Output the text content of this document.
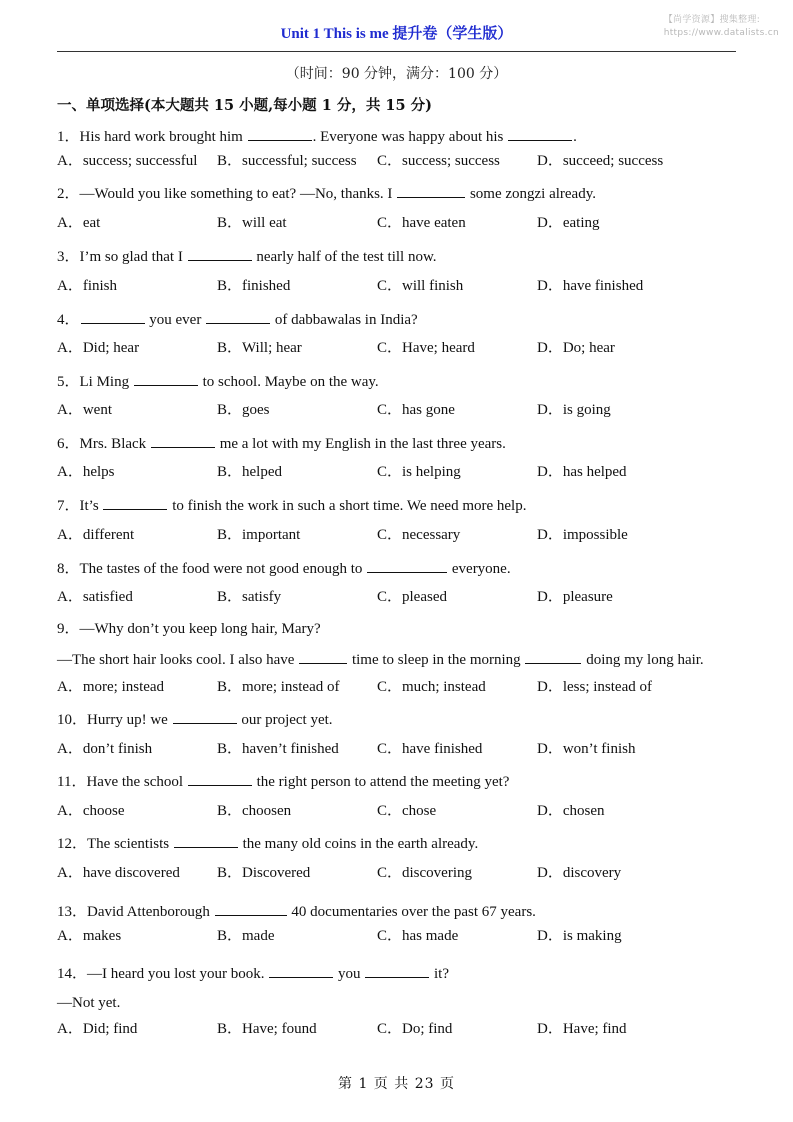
【尚学资源】搜集整理:
https://www.datalists.cn
Unit 1 This is me 提升卷（学生版）
（时间：90 分钟，满分：100 分）
一、单项选择(本大题共 15 小题,每小题 1 分，共 15 分)
1．His hard work brought him	. Everyone was happy about his	.
A．success; successful B．successful; success C．success; success D．succeed; success
2．—Would you like something to eat? —No, thanks. I	some zongzi already.
A．eat	B．will eat	C．have eaten	D．eating
3．I’m so glad that I	nearly half of the test till now.
A．finish	B．finished	C．will finish	D．have finished
4．	you ever	of dabbawalas in India?
A．Did; hear	B．Will; hear	C．Have; heard	D．Do; hear
5．Li Ming	to school. Maybe on the way.
A．went	B．goes	C．has gone	D．is going
6．Mrs. Black	me a lot with my English in the last three years.
A．helps	B．helped	C．is helping	D．has helped
7．It’s	to finish the work in such a short time. We need more help.
A．different	B．important	C．necessary	D．impossible
8．The tastes of the food were not good enough to	everyone.
A．satisfied	B．satisfy	C．pleased	D．pleasure
9．—Why don’t you keep long hair, Mary?
—The short hair looks cool. I also have	time to sleep in the morning	doing my long hair.
A．more; instead	B．more; instead of	C．much; instead	D．less; instead of
10．Hurry up! we	our project yet.
A．don’t finish	B．haven’t finished	C．have finished	D．won’t finish
11．Have the school	the right person to attend the meeting yet?
A．choose	B．choosen	C．chose	D．chosen
12．The scientists	the many old coins in the earth already.
A．have discovered B．Discovered	C．discovering	D．discovery
13．David Attenborough	40 documentaries over the past 67 years.
A．makes	B．made	C．has made	D．is making
14．—I heard you lost your book.	you	it?
—Not yet.
A．Did; find	B．Have; found	C．Do; find	D．Have; find
第 1 页 共 23 页
